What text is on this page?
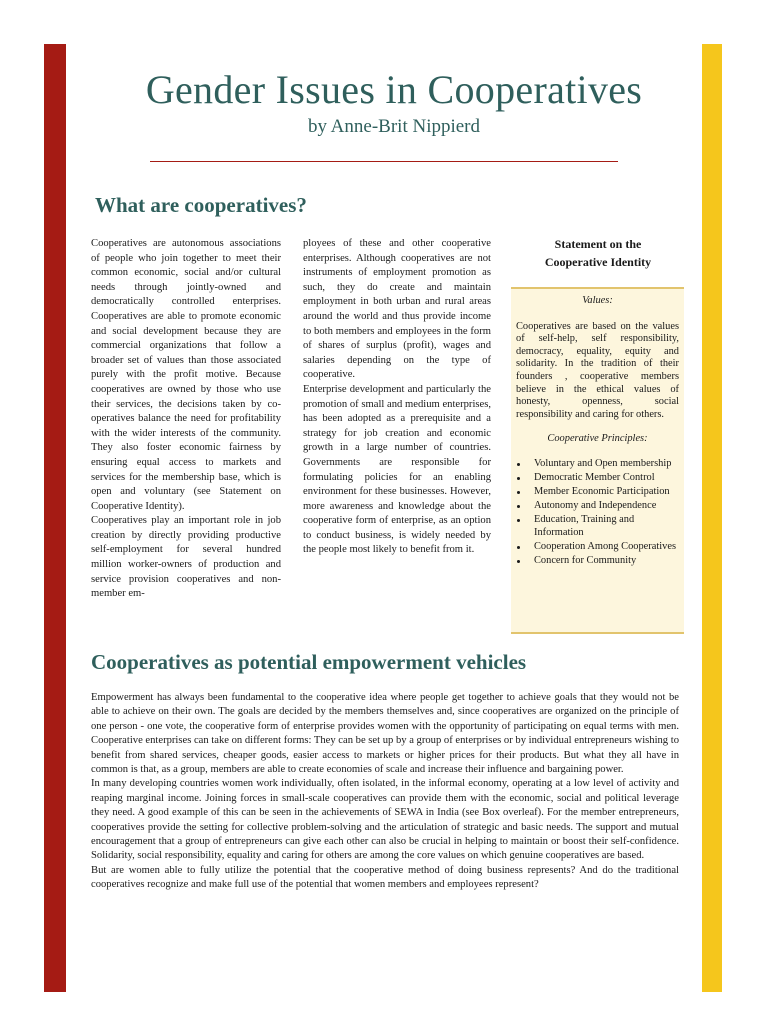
Gender Issues in Cooperatives
by Anne-Brit Nippierd
What are cooperatives?

Cooperatives are autonomous associations of people who join together to meet their common economic, social and/or cultural needs through jointly-owned and democratically controlled enterprises. Cooperatives are able to promote economic and social development because they are commercial organizations that follow a broader set of values than those associated purely with the profit motive. Because cooperatives are owned by those who use their services, the decisions taken by co-operatives balance the need for profitability with the wider interests of the community. They also foster economic fairness by ensuring equal access to markets and services for the membership base, which is open and voluntary (see Statement on Cooperative Identity).

Cooperatives play an important role in job creation by directly providing productive self-employment for several hundred million worker-owners of production and service provision cooperatives and non-member em-

ployees of these and other cooperative enterprises. Although cooperatives are not instruments of employment promotion as such, they do create and maintain employment in both urban and rural areas around the world and thus provide income to both members and employees in the form of shares of surplus (profit), wages and salaries depending on the type of cooperative.

Enterprise development and particularly the promotion of small and medium enterprises, has been adopted as a prerequisite and a strategy for job creation and economic growth in a large number of countries. Governments are responsible for formulating policies for an enabling environment for these businesses. However, more awareness and knowledge about the cooperative form of enterprise, as an option to conduct business, is widely needed by the people most likely to benefit from it.

Statement on the
Cooperative Identity
Values:

Cooperatives are based on the values of self-help, self responsibility, democracy, equality, equity and solidarity. In the tradition of their founders , cooperative members believe in the ethical values of honesty, openness, social responsibility and caring for others.

Cooperative Principles:
Voluntary and Open membership
Democratic Member Control
Member Economic Participation
Autonomy and Independence
Education, Training and Information
Cooperation Among Cooperatives
Concern for Community
Cooperatives as potential empowerment vehicles

Empowerment has always been fundamental to the cooperative idea where people get together to achieve goals that they would not be able to achieve on their own. The goals are decided by the members themselves and, since cooperatives are organized on the principle of one person - one vote, the cooperative form of enterprise provides women with the opportunity of participating on equal terms with men. Cooperative enterprises can take on different forms: They can be set up by a group of enterprises or by individual entrepreneurs wishing to benefit from shared services, cheaper goods, easier access to markets or higher prices for their products. But what they all have in common is that, as a group, members are able to create economies of scale and increase their influence and bargaining power.

In many developing countries women work individually, often isolated, in the informal economy, operating at a low level of activity and reaping marginal income. Joining forces in small-scale cooperatives can provide them with the economic, social and political leverage they need. A good example of this can be seen in the achievements of SEWA in India (see Box overleaf). For the member entrepreneurs, cooperatives provide the setting for collective problem-solving and the articulation of strategic and basic needs. The support and mutual encouragement that a group of entrepreneurs can give each other can also be crucial in helping to maintain or boost their self-confidence. Solidarity, social responsibility, equality and caring for others are among the core values on which genuine cooperatives are based.

But are women able to fully utilize the potential that the cooperative method of doing business represents? And do the traditional cooperatives recognize and make full use of the potential that women members and employees represent?
